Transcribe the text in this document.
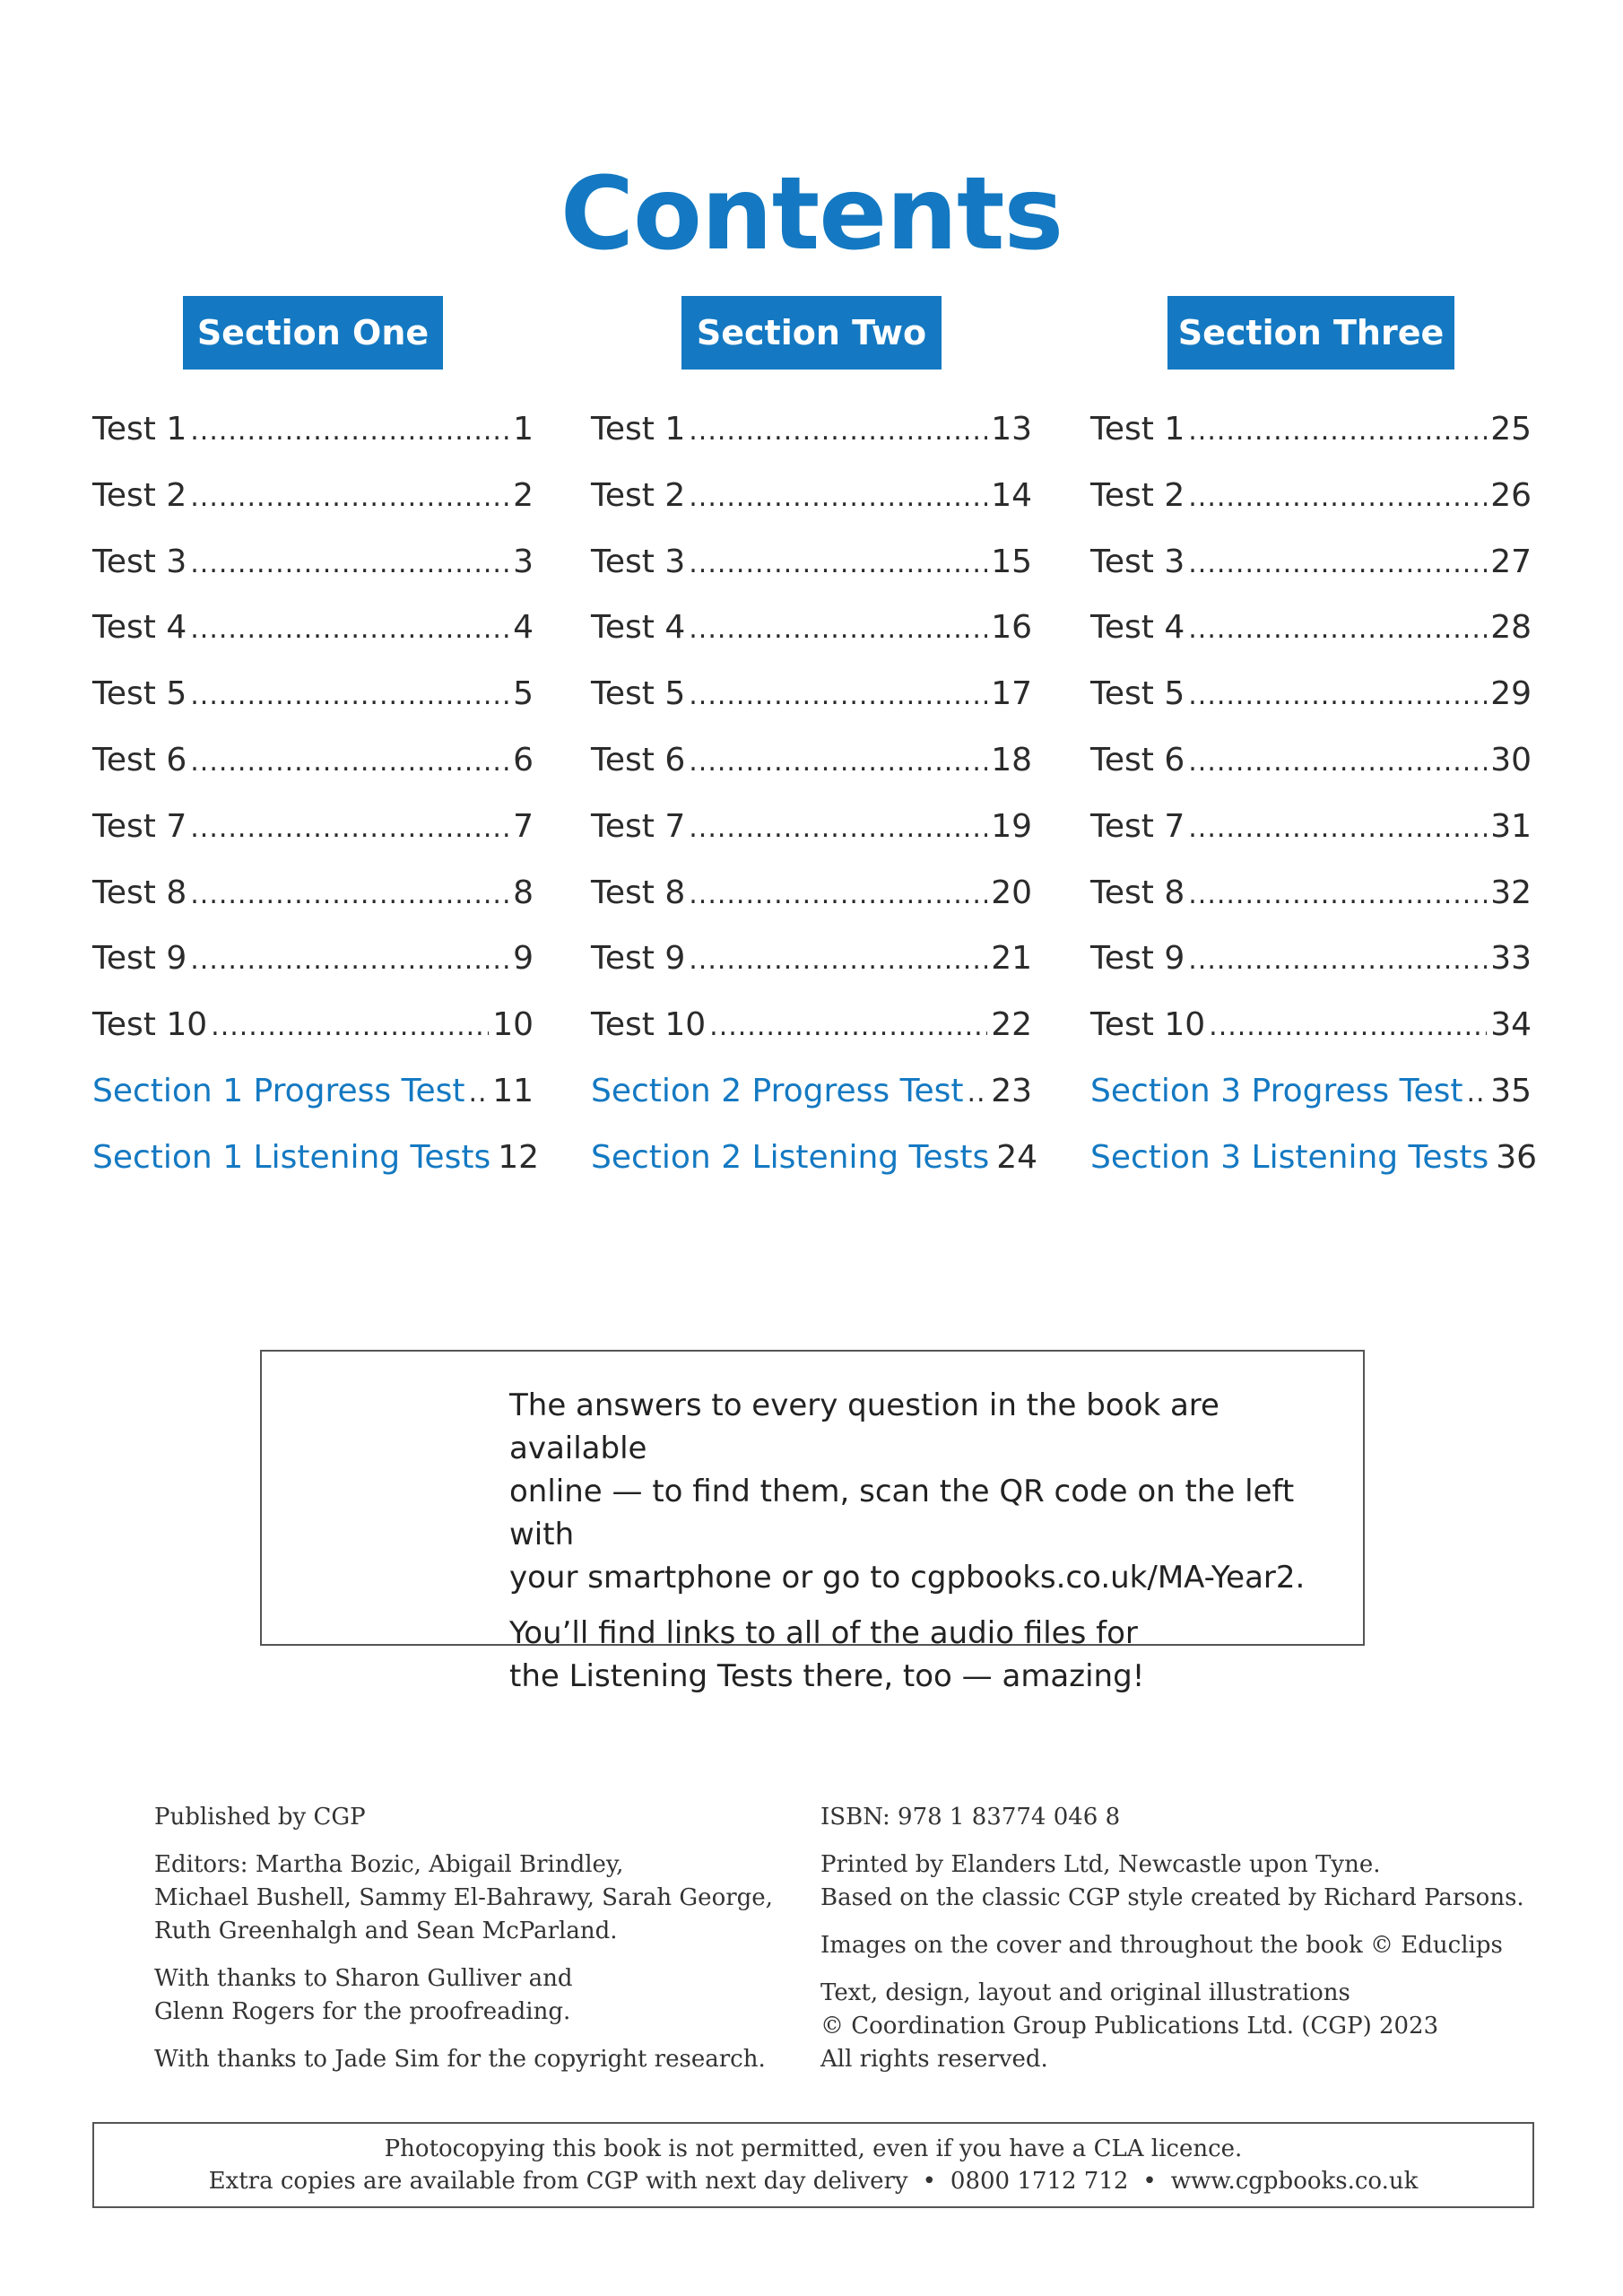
Contents
Section One
Test 1 .....	1
Test 2 .....	2
Test 3 .....	3
Test 4 .....	4
Test 5 .....	5
Test 6 .....	6
Test 7 .....	7
Test 8 .....	8
Test 9 .....	9
Test 10 .....	10
Section 1 Progress Test ..... 11
Section 1 Listening Tests 12
Section Two
Test 1 .....	13
Test 2 .....	14
Test 3 .....	15
Test 4 .....	16
Test 5 .....	17
Test 6 .....	18
Test 7 .....	19
Test 8 .....	20
Test 9 .....	21
Test 10 .....	22
Section 2 Progress Test ..... 23
Section 2 Listening Tests 24
Section Three
Test 1 .....	25
Test 2 .....	26
Test 3 .....	27
Test 4 .....	28
Test 5 .....	29
Test 6 .....	30
Test 7 .....	31
Test 8 .....	32
Test 9 .....	33
Test 10 .....	34
Section 3 Progress Test ..... 35
Section 3 Listening Tests 36

The answers to every question in the book are available
online — to find them, scan the QR code on the left with
your smartphone or go to cgpbooks.co.uk/MA-Year2.

You’ll find links to all of the audio files for
the Listening Tests there, too — amazing!

Published by CGP

Editors: Martha Bozic, Abigail Brindley,
Michael Bushell, Sammy El-Bahrawy, Sarah George,
Ruth Greenhalgh and Sean McParland.

With thanks to Sharon Gulliver and
Glenn Rogers for the proofreading.

With thanks to Jade Sim for the copyright research.

ISBN: 978 1 83774 046 8

Printed by Elanders Ltd, Newcastle upon Tyne.
Based on the classic CGP style created by Richard Parsons.

Images on the cover and throughout the book © Educlips

Text, design, layout and original illustrations
© Coordination Group Publications Ltd. (CGP) 2023
All rights reserved.

Photocopying this book is not permitted, even if you have a CLA licence.
Extra copies are available from CGP with next day delivery • 0800 1712 712 • www.cgpbooks.co.uk
